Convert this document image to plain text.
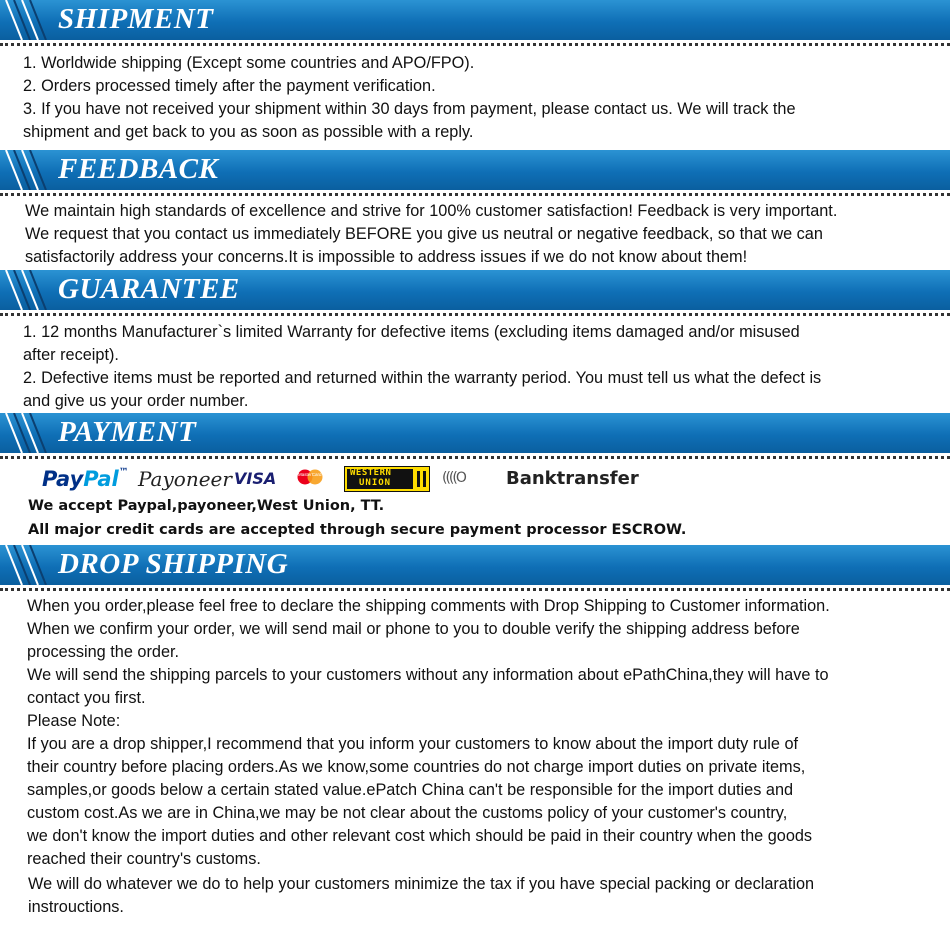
SHIPMENT

1. Worldwide shipping (Except some countries and APO/FPO).

2. Orders processed timely after the payment verification.

3. If you have not received your shipment within 30 days from payment, please contact us. We will track the

shipment and get back to you as soon as possible with a reply.

FEEDBACK

We maintain high standards of excellence and strive for 100% customer satisfaction! Feedback is very important.

We request that you contact us immediately BEFORE you give us neutral or negative feedback, so that we can

satisfactorily address your concerns.It is impossible to address issues if we do not know about them!

GUARANTEE

1. 12 months Manufacturer`s limited Warranty for defective items (excluding items damaged and/or misused

after receipt).

2. Defective items must be reported and returned within the warranty period. You must tell us what the defect is

and give us your order number.

PAYMENT
PayPal™ Payoneer VISA	MasterCard	WESTERN
UNION	((((O Banktransfer

We accept Paypal,payoneer,West Union, TT.

All major credit cards are accepted through secure payment processor ESCROW.

DROP SHIPPING

When you order,please feel free to declare the shipping comments with Drop Shipping to Customer information.

When we confirm your order, we will send mail or phone to you to double verify the shipping address before

processing the order.

We will send the shipping parcels to your customers without any information about ePathChina,they will have to

contact you first.

Please Note:

If you are a drop shipper,I recommend that you inform your customers to know about the import duty rule of

their country before placing orders.As we know,some countries do not charge import duties on private items,

samples,or goods below a certain stated value.ePatch China can't be responsible for the import duties and

custom cost.As we are in China,we may be not clear about the customs policy of your customer's country,

we don't know the import duties and other relevant cost which should be paid in their country when the goods

reached their country's customs.

We will do whatever we do to help your customers minimize the tax if you have special packing or declaration

instrouctions.
